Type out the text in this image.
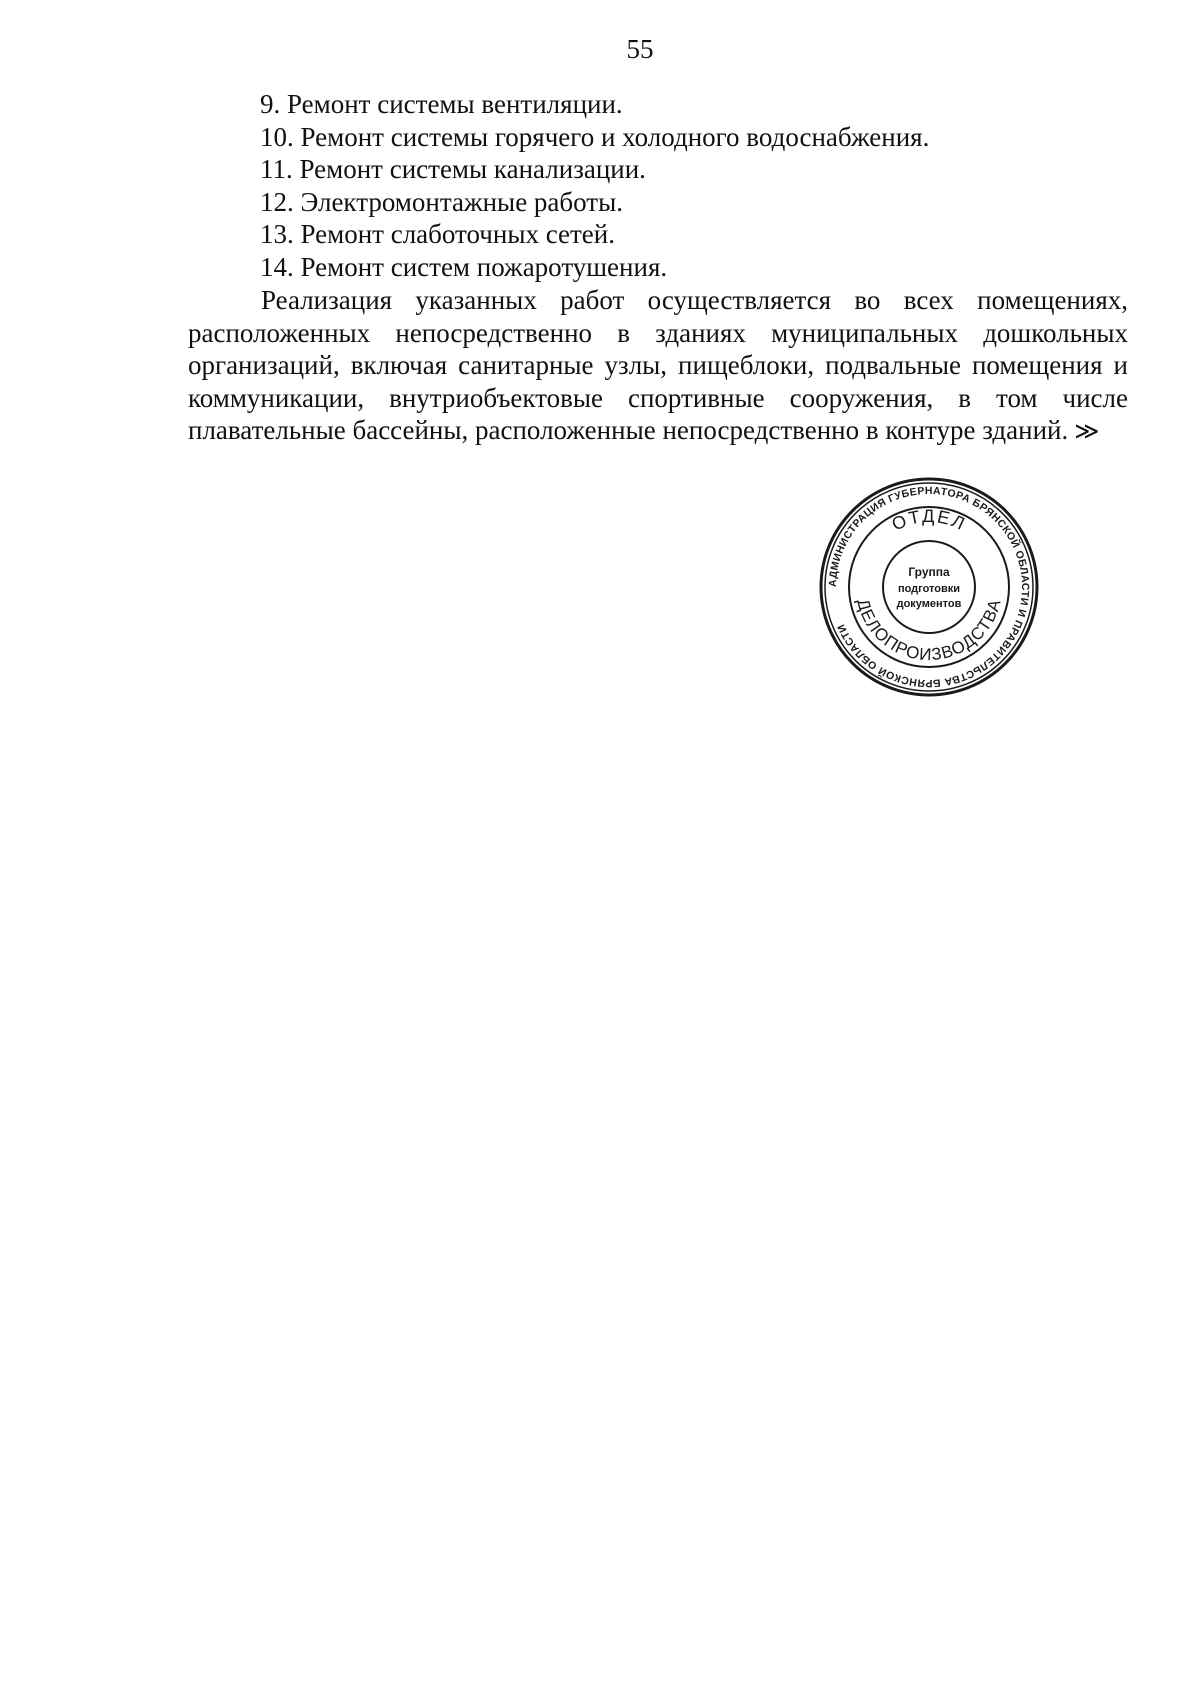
55
9. Ремонт системы вентиляции.
10. Ремонт системы горячего и холодного водоснабжения.
11. Ремонт системы канализации.
12. Электромонтажные работы.
13. Ремонт слаботочных сетей.
14. Ремонт систем пожаротушения.

Реализация указанных работ осуществляется во всех помещениях, расположенных непосредственно в зданиях муниципальных дошкольных организаций, включая санитарные узлы, пищеблоки, подвальные помещения и коммуникации, внутриобъектовые спортивные сооружения, в том числе плавательные бассейны, расположенные непосредственно в контуре зданий. ≫

АДМИНИСТРАЦИЯ ГУБЕРНАТОРА БРЯНСКОЙ ОБЛАСТИ И ПРАВИТЕЛЬСТВА БРЯНСКОЙ ОБЛАСТИ
ОТДЕЛ
Группа
подготовки
документов
ДЕЛОПРОИЗВОДСТВА
